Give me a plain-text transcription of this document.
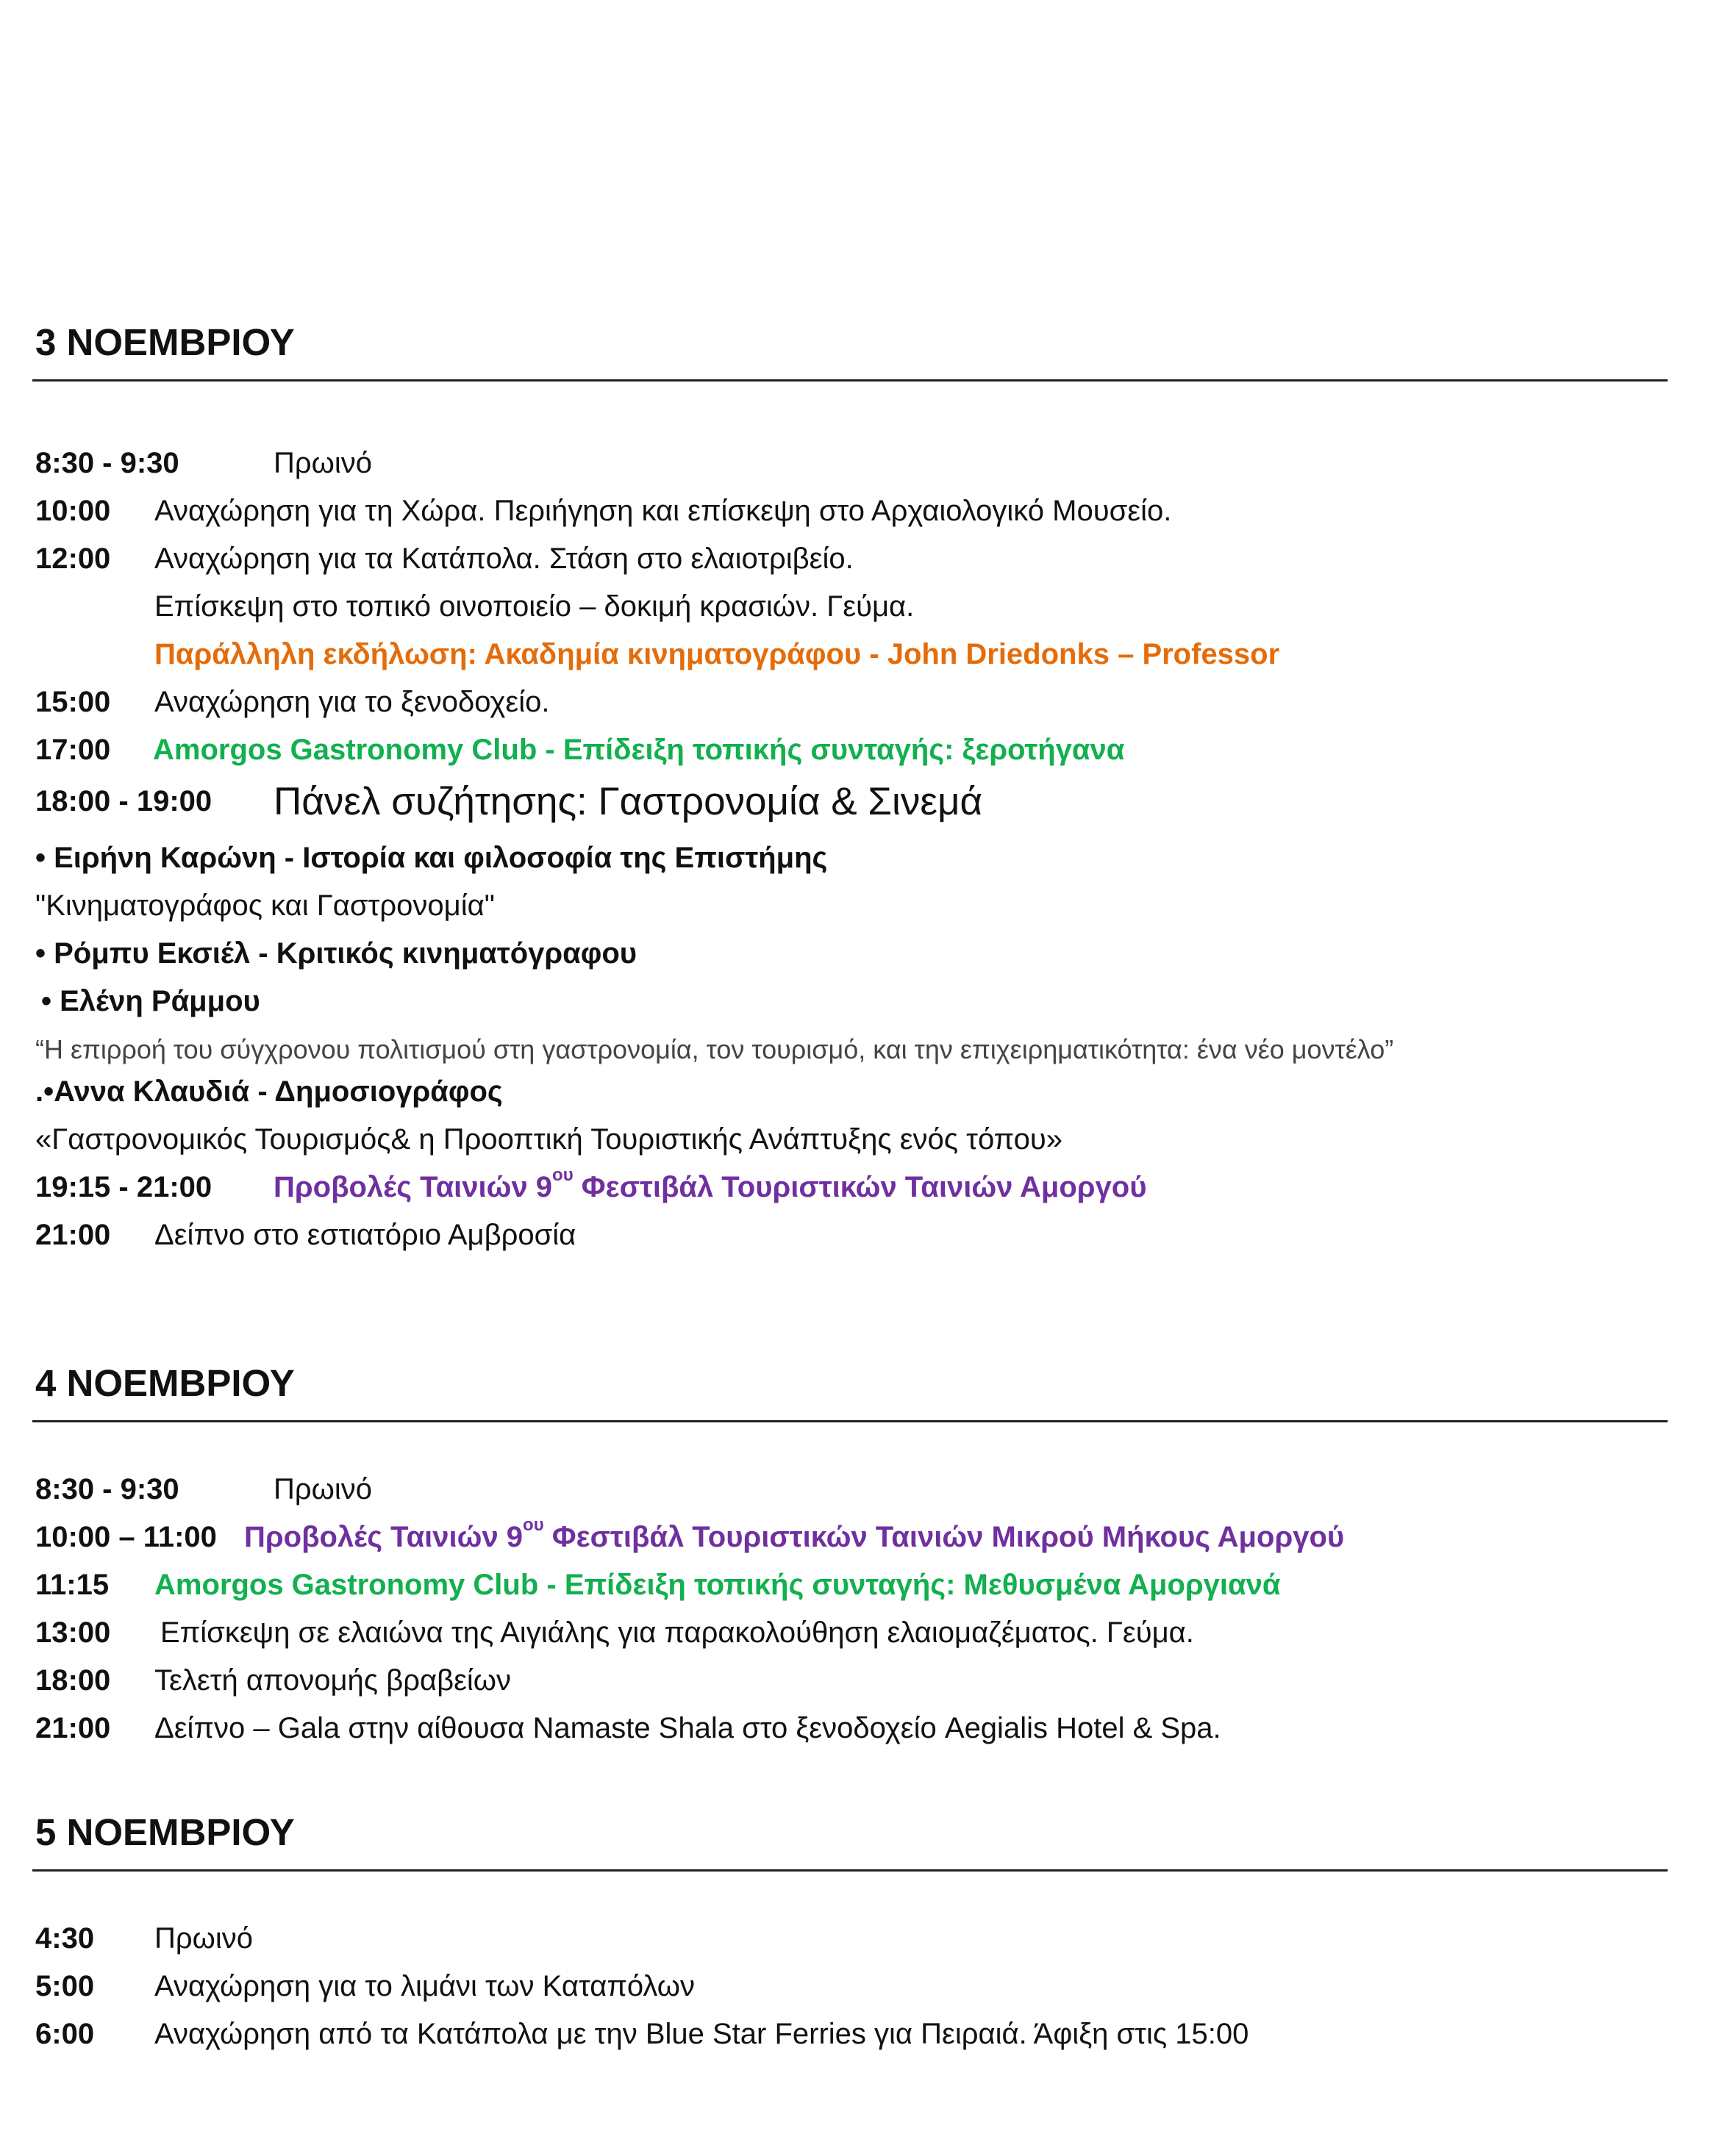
3 ΝΟΕΜΒΡΙΟΥ
8:30 - 9:30	Πρωινό
10:00 Αναχώρηση για τη Χώρα. Περιήγηση και επίσκεψη στο Αρχαιολογικό Μουσείο.
12:00 Αναχώρηση για τα Κατάπολα. Στάση στο ελαιοτριβείο.
Επίσκεψη στο τοπικό οινοποιείο – δοκιμή κρασιών. Γεύμα.
Παράλληλη εκδήλωση: Ακαδημία κινηματογράφου - John Driedonks – Professor
15:00 Αναχώρηση για το ξενοδοχείο.
17:00 Amorgos Gastronomy Club - Επίδειξη τοπικής συνταγής: ξεροτήγανα
18:00 - 19:00 Πάνελ συζήτησης: Γαστρονομία & Σινεμά
• Ειρήνη Καρώνη - Ιστορία και φιλοσοφία της Επιστήμης
"Κινηματογράφος και Γαστρονομία"
• Ρόμπυ Εκσιέλ - Κριτικός κινηματόγραφου
• Ελένη Ράμμου
“Η επιρροή του σύγχρονου πολιτισμού στη γαστρονομία, τον τουρισμό, και την επιχειρηματικότητα: ένα νέο μοντέλο”
.•Αννα Κλαυδιά - Δημοσιογράφος
«Γαστρονομικός Τουρισμός& η Προοπτική Τουριστικής Ανάπτυξης ενός τόπου»
19:15 - 21:00 Προβολές Ταινιών $9^{o\upsilon}$ Φεστιβάλ Τουριστικών Ταινιών Αμοργού
21:00 Δείπνο στο εστιατόριο Αμβροσία
4 ΝΟΕΜΒΡΙΟΥ
8:30 - 9:30	Πρωινό
10:00 – 11:00 Προβολές Ταινιών $9^{o\upsilon}$ Φεστιβάλ Τουριστικών Ταινιών Μικρού Μήκους Αμοργού
11:15 Amorgos Gastronomy Club - Επίδειξη τοπικής συνταγής: Μεθυσμένα Αμοργιανά
13:00 Επίσκεψη σε ελαιώνα της Αιγιάλης για παρακολούθηση ελαιομαζέματος. Γεύμα.
18:00 Τελετή απονομής βραβείων
21:00 Δείπνο – Gala στην αίθουσα Namaste Shala στο ξενοδοχείο Aegialis Hotel & Spa.
5 ΝΟΕΜΒΡΙΟΥ
4:30 Πρωινό
5:00 Αναχώρηση για το λιμάνι των Καταπόλων
6:00 Αναχώρηση από τα Κατάπολα με την Blue Star Ferries για Πειραιά. Άφιξη στις 15:00
